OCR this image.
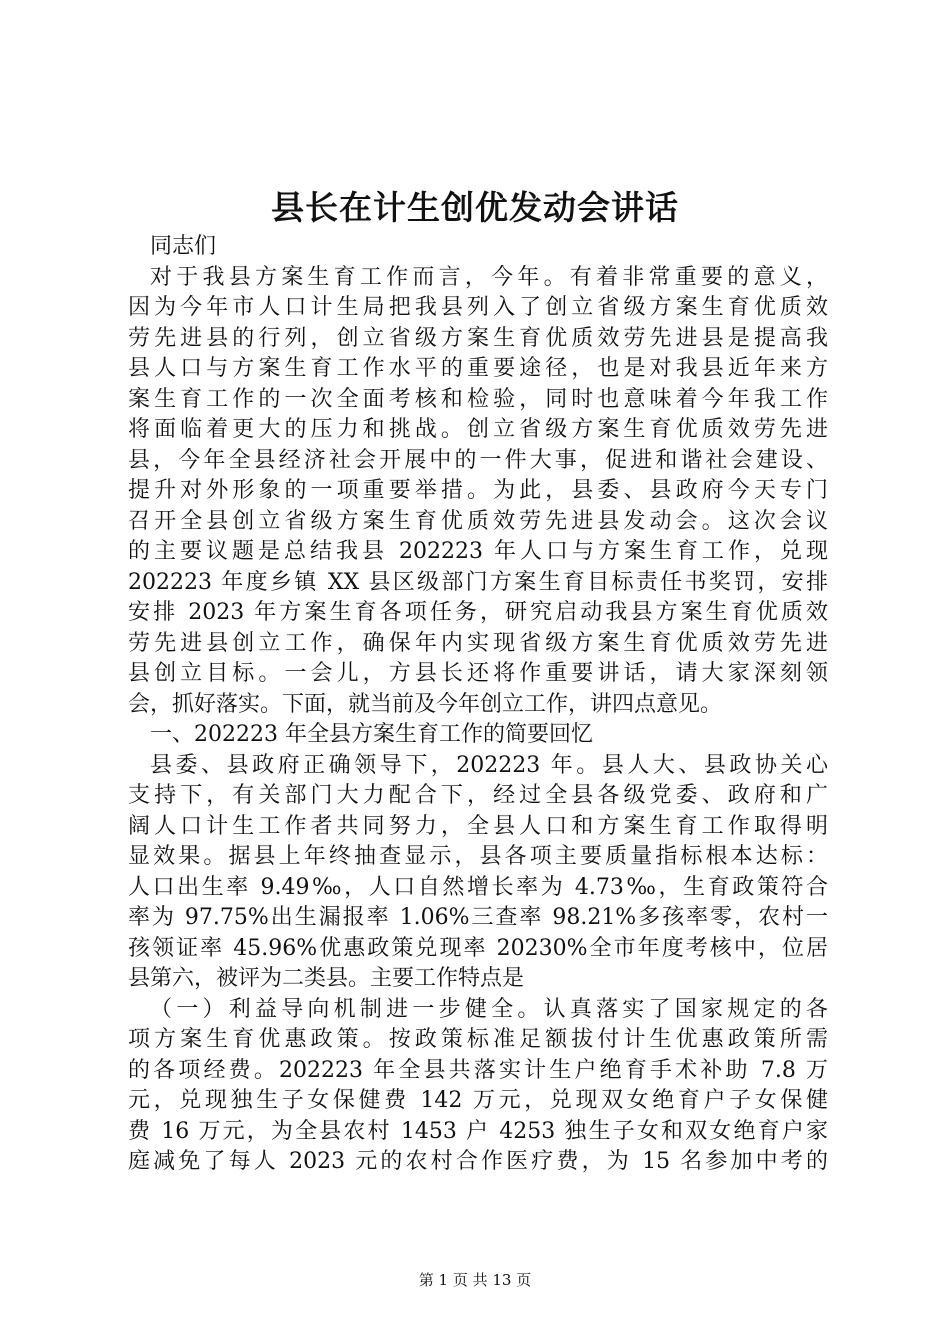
县长在计生创优发动会讲话
同志们
对于我县方案生育工作而言，今年。有着非常重要的意义，
因为今年市人口计生局把我县列入了创立省级方案生育优质效
劳先进县的行列，创立省级方案生育优质效劳先进县是提高我
县人口与方案生育工作水平的重要途径，也是对我县近年来方
案生育工作的一次全面考核和检验，同时也意味着今年我工作
将面临着更大的压力和挑战。创立省级方案生育优质效劳先进
县，今年全县经济社会开展中的一件大事，促进和谐社会建设、
提升对外形象的一项重要举措。为此，县委、县政府今天专门
召开全县创立省级方案生育优质效劳先进县发动会。这次会议
的主要议题是总结我县 202223 年人口与方案生育工作，兑现
202223 年度乡镇 XX 县区级部门方案生育目标责任书奖罚，安排
安排 2023 年方案生育各项任务，研究启动我县方案生育优质效
劳先进县创立工作，确保年内实现省级方案生育优质效劳先进
县创立目标。一会儿，方县长还将作重要讲话，请大家深刻领
会，抓好落实。下面，就当前及今年创立工作，讲四点意见。
一、202223 年全县方案生育工作的简要回忆
县委、县政府正确领导下，202223 年。县人大、县政协关心
支持下，有关部门大力配合下，经过全县各级党委、政府和广
阔人口计生工作者共同努力，全县人口和方案生育工作取得明
显效果。据县上年终抽查显示，县各项主要质量指标根本达标：
人口出生率 9.49‰，人口自然增长率为 4.73‰，生育政策符合
率为 97.75%出生漏报率 1.06%三查率 98.21%多孩率零，农村一
孩领证率 45.96%优惠政策兑现率 20230%全市年度考核中，位居
县第六，被评为二类县。主要工作特点是
（一）利益导向机制进一步健全。认真落实了国家规定的各
项方案生育优惠政策。按政策标准足额拔付计生优惠政策所需
的各项经费。202223 年全县共落实计生户绝育手术补助 7.8 万
元，兑现独生子女保健费 142 万元，兑现双女绝育户子女保健
费 16 万元，为全县农村 1453 户 4253 独生子女和双女绝育户家
庭减免了每人 2023 元的农村合作医疗费，为 15 名参加中考的
第 1 页 共 13 页
